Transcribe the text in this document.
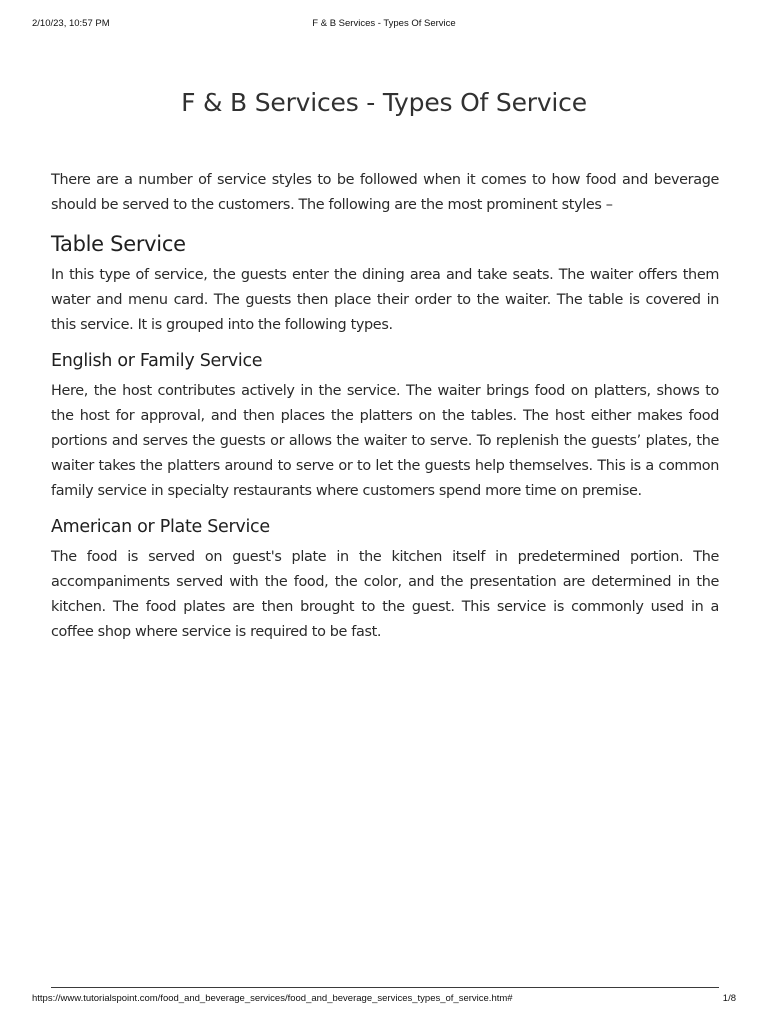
2/10/23, 10:57 PM	F & B Services - Types Of Service
F & B Services - Types Of Service

There are a number of service styles to be followed when it comes to how food and beverage should be served to the customers. The following are the most prominent styles –

Table Service

In this type of service, the guests enter the dining area and take seats. The waiter offers them water and menu card. The guests then place their order to the waiter. The table is covered in this service. It is grouped into the following types.

English or Family Service

Here, the host contributes actively in the service. The waiter brings food on platters, shows to the host for approval, and then places the platters on the tables. The host either makes food portions and serves the guests or allows the waiter to serve. To replenish the guests’ plates, the waiter takes the platters around to serve or to let the guests help themselves. This is a common family service in specialty restaurants where customers spend more time on premise.

American or Plate Service

The food is served on guest's plate in the kitchen itself in predetermined portion. The accompaniments served with the food, the color, and the presentation are determined in the kitchen. The food plates are then brought to the guest. This service is commonly used in a coffee shop where service is required to be fast.

https://www.tutorialspoint.com/food_and_beverage_services/food_and_beverage_services_types_of_service.htm#	1/8
